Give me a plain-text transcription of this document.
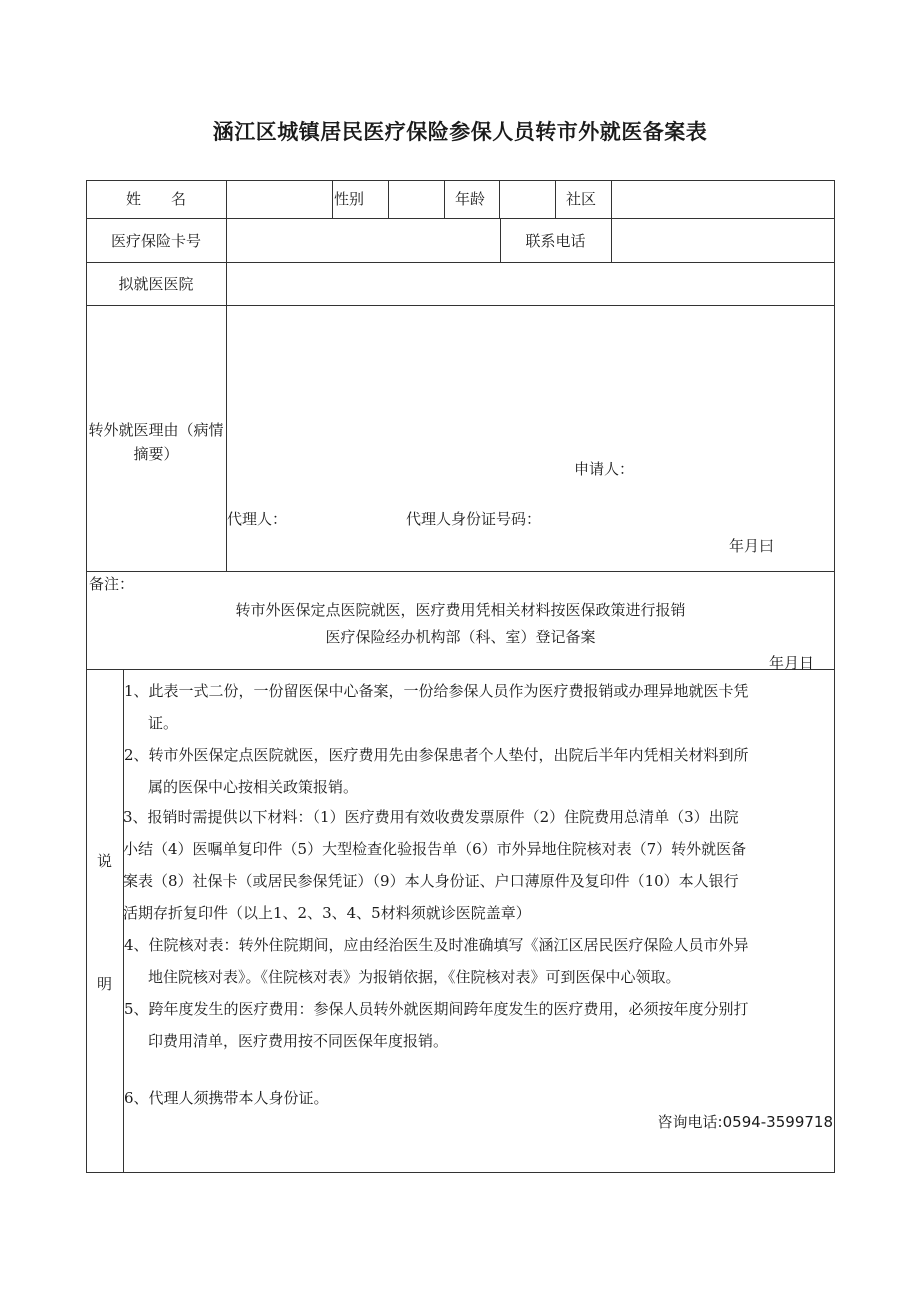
涵江区城镇居民医疗保险参保人员转市外就医备案表
姓　　名	性别	年龄	社区
医疗保险卡号	联系电话
拟就医医院
转外就医理由（病情摘要）
申请人：
代理人：	代理人身份证号码：
年月曰
备注：
转市外医保定点医院就医，医疗费用凭相关材料按医保政策进行报销
医疗保险经办机构部（科、室）登记备案
年月日
说
明
1、此表一式二份，一份留医保中心备案，一份给参保人员作为医疗费报销或办理异地就医卡凭
证。
2、转市外医保定点医院就医，医疗费用先由参保患者个人垫付，出院后半年内凭相关材料到所
属的医保中心按相关政策报销。
3、报销时需提供以下材料：（1）医疗费用有效收费发票原件（2）住院费用总清单（3）出院
小结（4）医嘱单复印件（5）大型检查化验报告单（6）市外异地住院核对表（7）转外就医备
案表（8）社保卡（或居民参保凭证）（9）本人身份证、户口薄原件及复印件（10）本人银行
活期存折复印件（以上1、2、3、4、5材料须就诊医院盖章）
4、住院核对表：转外住院期间，应由经治医生及时准确填写《涵江区居民医疗保险人员市外异
地住院核对表》。《住院核对表》为报销依据，《住院核对表》可到医保中心领取。
5、跨年度发生的医疗费用：参保人员转外就医期间跨年度发生的医疗费用，必须按年度分别打
印费用清单，医疗费用按不同医保年度报销。
6、代理人须携带本人身份证。
咨询电话:0594-3599718
